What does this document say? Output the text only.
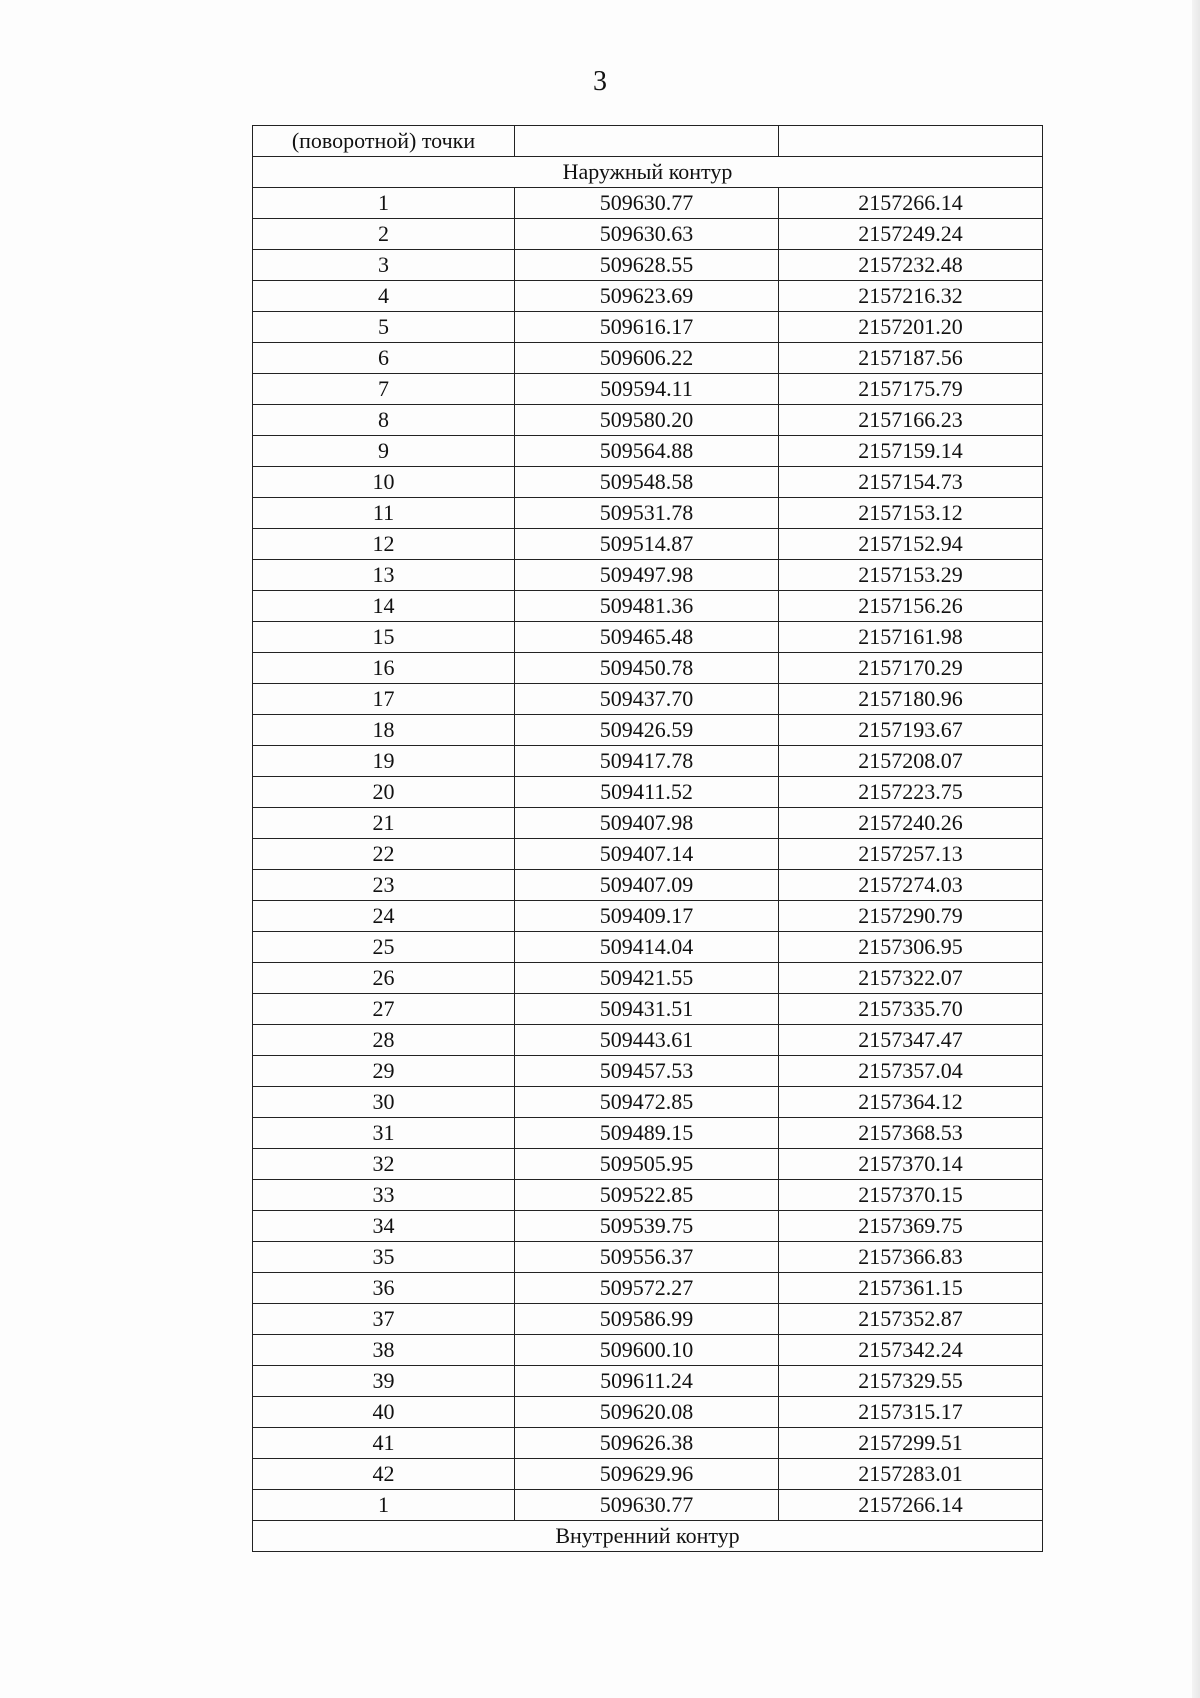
3
(поворотной) точки		
Наружный контур		
1	509630.77	2157266.14
2	509630.63	2157249.24
3	509628.55	2157232.48
4	509623.69	2157216.32
5	509616.17	2157201.20
6	509606.22	2157187.56
7	509594.11	2157175.79
8	509580.20	2157166.23
9	509564.88	2157159.14
10	509548.58	2157154.73
11	509531.78	2157153.12
12	509514.87	2157152.94
13	509497.98	2157153.29
14	509481.36	2157156.26
15	509465.48	2157161.98
16	509450.78	2157170.29
17	509437.70	2157180.96
18	509426.59	2157193.67
19	509417.78	2157208.07
20	509411.52	2157223.75
21	509407.98	2157240.26
22	509407.14	2157257.13
23	509407.09	2157274.03
24	509409.17	2157290.79
25	509414.04	2157306.95
26	509421.55	2157322.07
27	509431.51	2157335.70
28	509443.61	2157347.47
29	509457.53	2157357.04
30	509472.85	2157364.12
31	509489.15	2157368.53
32	509505.95	2157370.14
33	509522.85	2157370.15
34	509539.75	2157369.75
35	509556.37	2157366.83
36	509572.27	2157361.15
37	509586.99	2157352.87
38	509600.10	2157342.24
39	509611.24	2157329.55
40	509620.08	2157315.17
41	509626.38	2157299.51
42	509629.96	2157283.01
1	509630.77	2157266.14
Внутренний контур		
